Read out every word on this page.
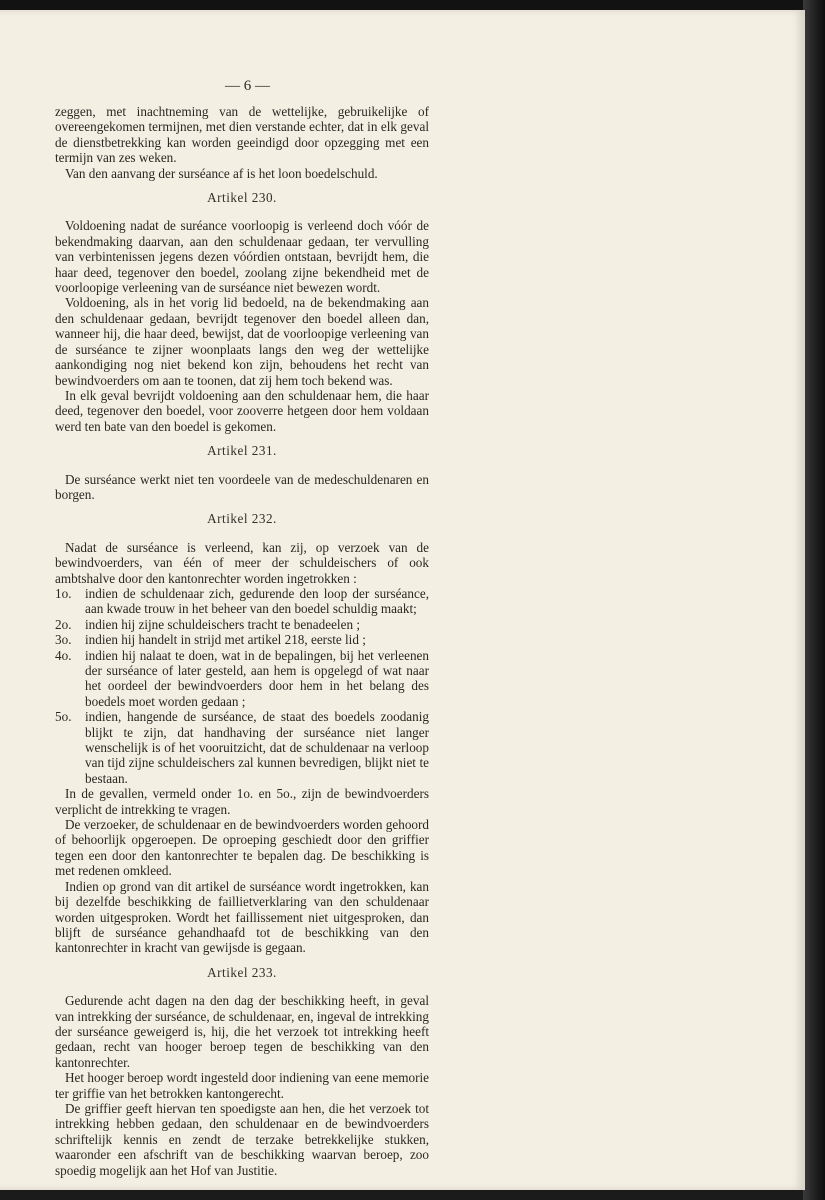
— 6 —

zeggen, met inachtneming van de wettelijke, gebruikelijke of overeengekomen termijnen, met dien verstande echter, dat in elk geval de dienstbetrekking kan worden geeindigd door opzegging met een termijn van zes weken.

Van den aanvang der surséance af is het loon boedelschuld.

Artikel 230.

Voldoening nadat de suréance voorloopig is verleend doch vóór de bekendmaking daarvan, aan den schuldenaar gedaan, ter vervulling van verbintenissen jegens dezen vóórdien ontstaan, bevrijdt hem, die haar deed, tegenover den boedel, zoolang zijne bekendheid met de voorloopige verleening van de surséance niet bewezen wordt.

Voldoening, als in het vorig lid bedoeld, na de bekendmaking aan den schuldenaar gedaan, bevrijdt tegenover den boedel alleen dan, wanneer hij, die haar deed, bewijst, dat de voorloopige verleening van de surséance te zijner woonplaats langs den weg der wettelijke aankondiging nog niet bekend kon zijn, behoudens het recht van bewindvoerders om aan te toonen, dat zij hem toch bekend was.

In elk geval bevrijdt voldoening aan den schuldenaar hem, die haar deed, tegenover den boedel, voor zooverre hetgeen door hem voldaan werd ten bate van den boedel is gekomen.

Artikel 231.

De surséance werkt niet ten voordeele van de medeschuldenaren en borgen.

Artikel 232.

Nadat de surséance is verleend, kan zij, op verzoek van de bewindvoerders, van één of meer der schuldeischers of ook ambtshalve door den kantonrechter worden ingetrokken :

1o.	indien de schuldenaar zich, gedurende den loop der surséance, aan kwade trouw in het beheer van den boedel schuldig maakt;
2o.	indien hij zijne schuldeischers tracht te benadeelen ;
3o.	indien hij handelt in strijd met artikel 218, eerste lid ;
4o.	indien hij nalaat te doen, wat in de bepalingen, bij het verleenen der surséance of later gesteld, aan hem is opgelegd of wat naar het oordeel der bewindvoerders door hem in het belang des boedels moet worden gedaan ;
5o.	indien, hangende de surséance, de staat des boedels zoodanig blijkt te zijn, dat handhaving der surséance niet langer wenschelijk is of het vooruitzicht, dat de schuldenaar na verloop van tijd zijne schuldeischers zal kunnen bevredigen, blijkt niet te bestaan.

In de gevallen, vermeld onder 1o. en 5o., zijn de bewindvoerders verplicht de intrekking te vragen.

De verzoeker, de schuldenaar en de bewindvoerders worden gehoord of behoorlijk opgeroepen. De oproeping geschiedt door den griffier tegen een door den kantonrechter te bepalen dag. De beschikking is met redenen omkleed.

Indien op grond van dit artikel de surséance wordt ingetrokken, kan bij dezelfde beschikking de faillietverklaring van den schuldenaar worden uitgesproken. Wordt het faillissement niet uitgesproken, dan blijft de surséance gehandhaafd tot de beschikking van den kantonrechter in kracht van gewijsde is gegaan.

Artikel 233.

Gedurende acht dagen na den dag der beschikking heeft, in geval van intrekking der surséance, de schuldenaar, en, ingeval de intrekking der surséance geweigerd is, hij, die het verzoek tot intrekking heeft gedaan, recht van hooger beroep tegen de beschikking van den kantonrechter.

Het hooger beroep wordt ingesteld door indiening van eene memorie ter griffie van het betrokken kantongerecht.

De griffier geeft hiervan ten spoedigste aan hen, die het verzoek tot intrekking hebben gedaan, den schuldenaar en de bewindvoerders schriftelijk kennis en zendt de terzake betrekkelijke stukken, waaronder een afschrift van de beschikking waarvan beroep, zoo spoedig mogelijk aan het Hof van Justitie.
